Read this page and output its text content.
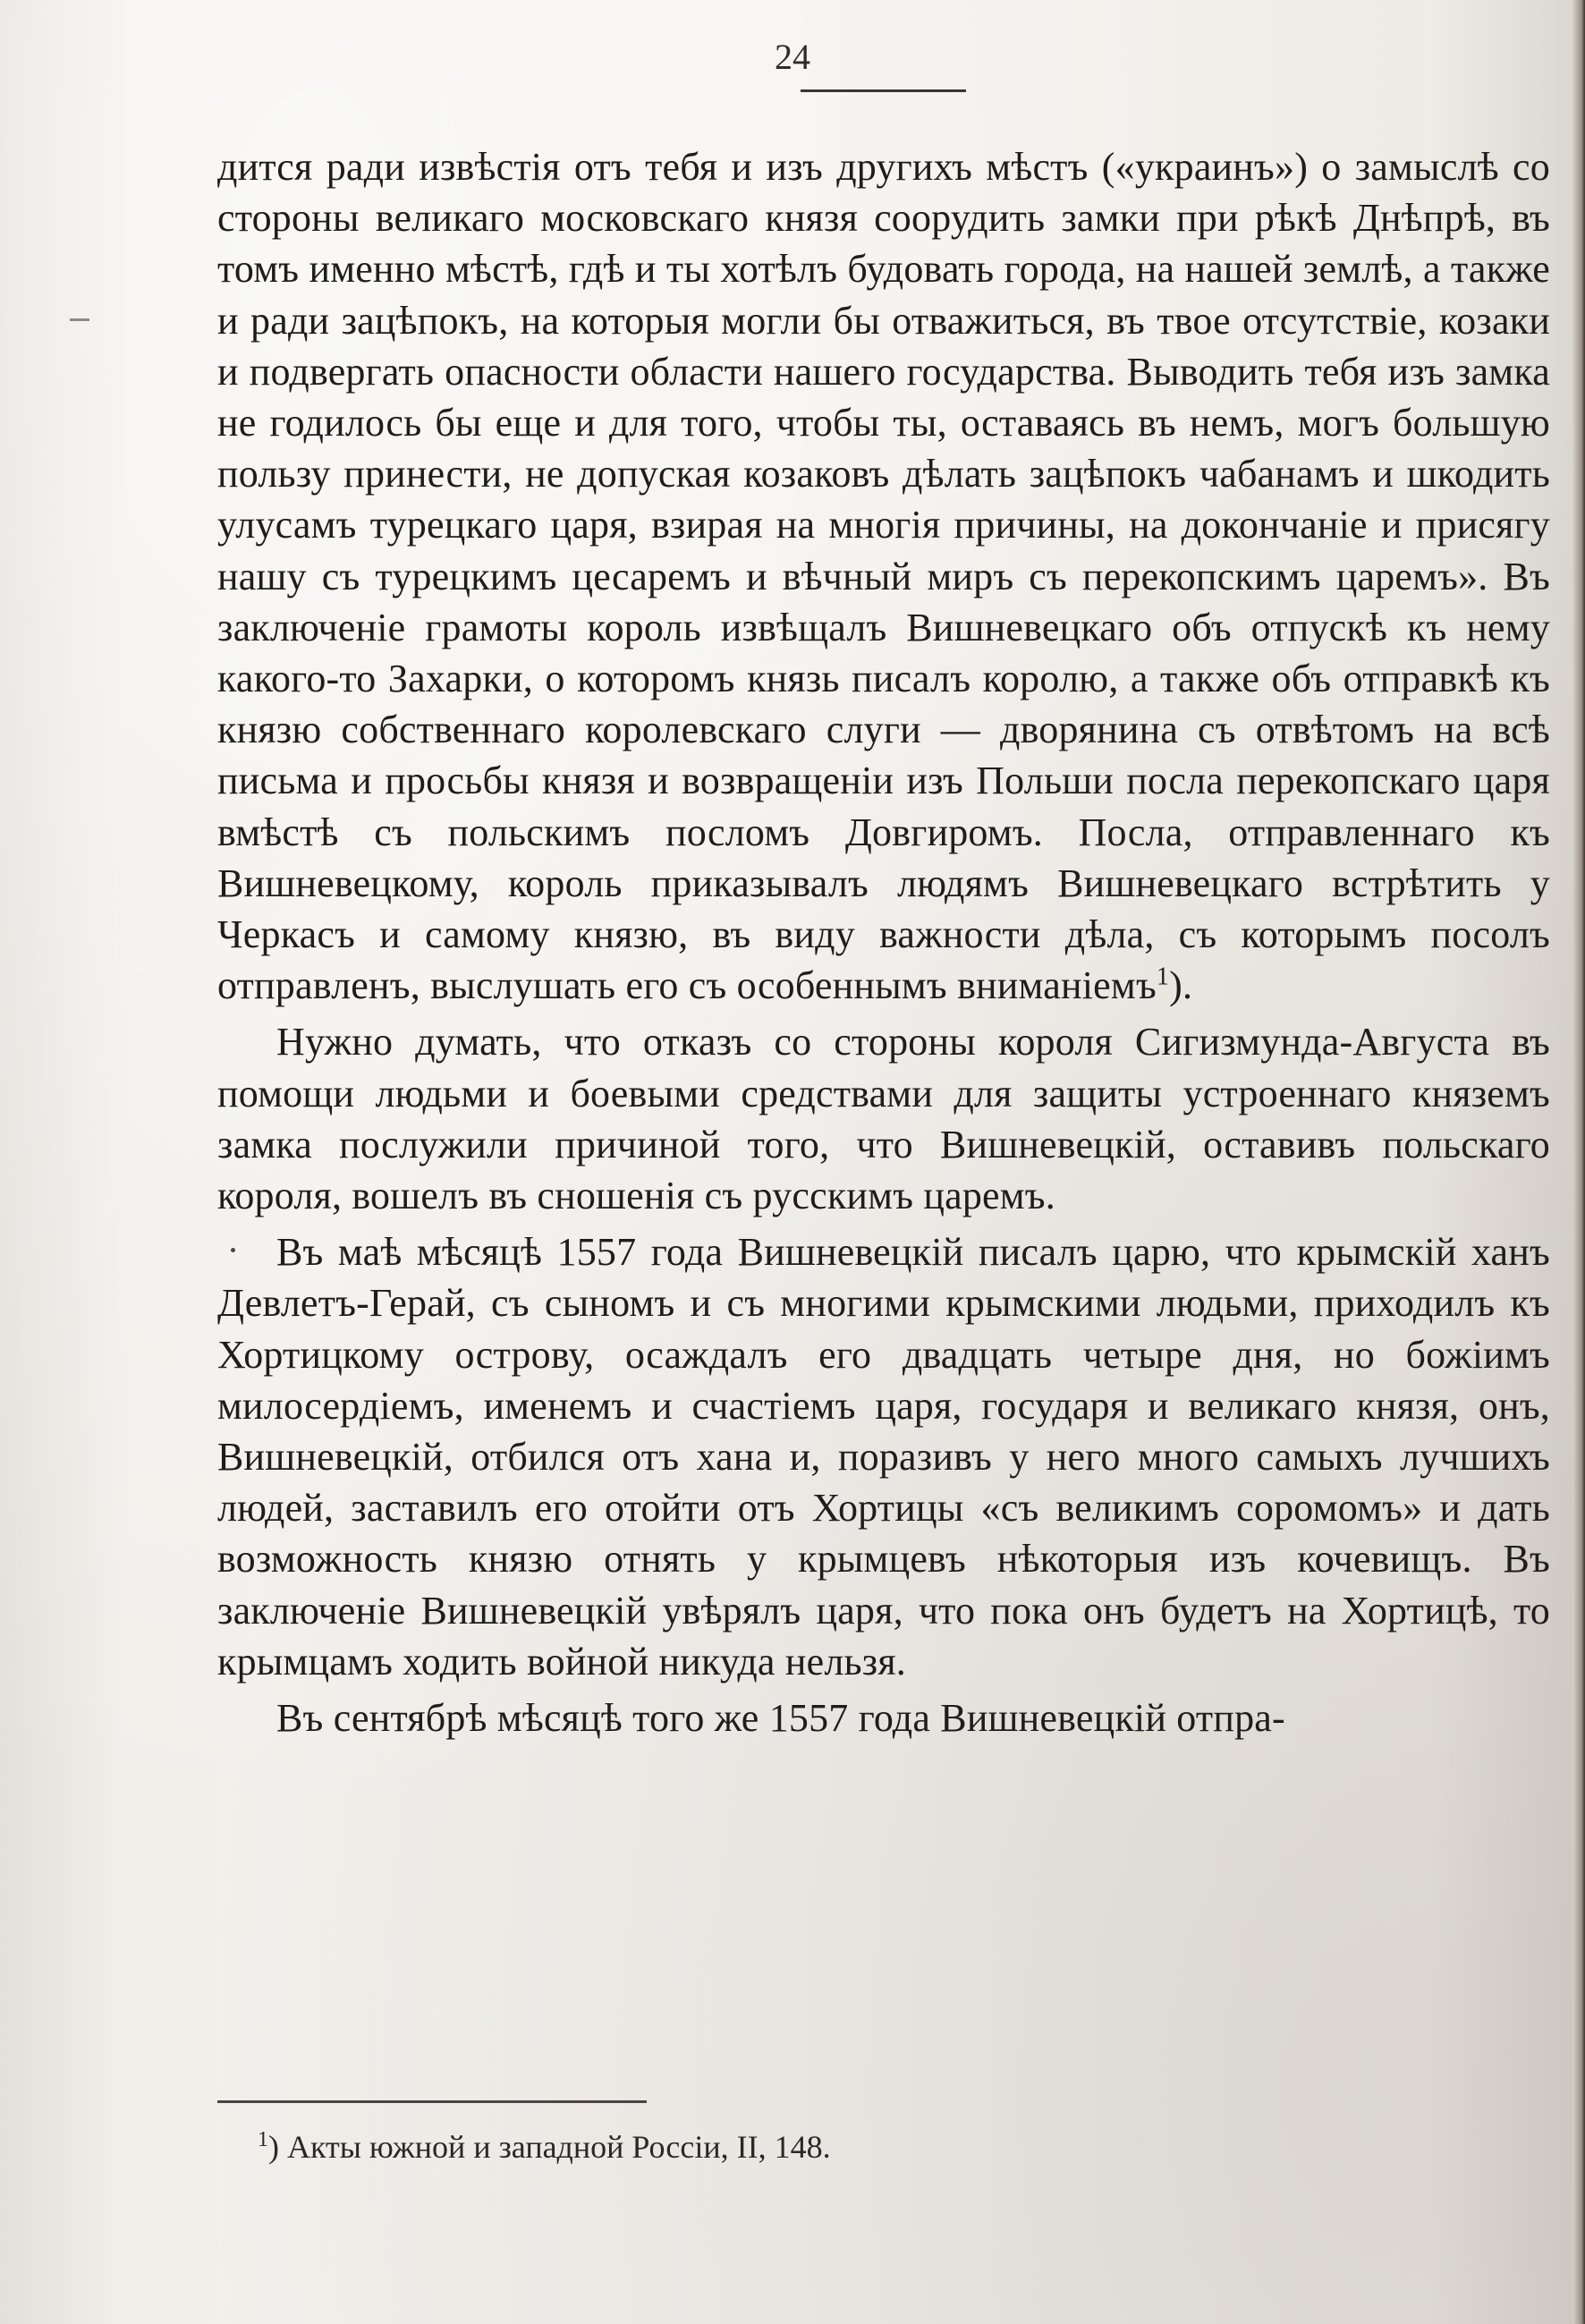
24

дится ради извѣстія отъ тебя и изъ другихъ мѣстъ («украинъ») о замыслѣ со стороны великаго московскаго князя соорудить замки при рѣкѣ Днѣпрѣ, въ томъ именно мѣстѣ, гдѣ и ты хотѣлъ будовать города, на нашей землѣ, а также и ради зацѣпокъ, на которыя могли бы отважиться, въ твое отсутствіе, козаки и подвергать опасности области нашего государства. Выводить тебя изъ замка не годилось бы еще и для того, чтобы ты, оставаясь въ немъ, могъ большую пользу принести, не допуская козаковъ дѣлать зацѣпокъ чабанамъ и шкодить улусамъ турецкаго царя, взирая на многія причины, на докончаніе и присягу нашу съ турецкимъ цесаремъ и вѣчный миръ съ перекопскимъ царемъ». Въ заключеніе грамоты король извѣщалъ Вишневецкаго объ отпускѣ къ нему какого-то Захарки, о которомъ князь писалъ королю, а также объ отправкѣ къ князю собственнаго королевскаго слуги — дворянина съ отвѣтомъ на всѣ письма и просьбы князя и возвращеніи изъ Польши посла перекопскаго царя вмѣстѣ съ польскимъ посломъ Довгиромъ. Посла, отправленнаго къ Вишневецкому, король приказывалъ людямъ Вишневецкаго встрѣтить у Черкасъ и самому князю, въ виду важности дѣла, съ которымъ посолъ отправленъ, выслушать его съ особеннымъ вниманіемъ$^1$).

Нужно думать, что отказъ со стороны короля Сигизмунда-Августа въ помощи людьми и боевыми средствами для защиты устроеннаго княземъ замка послужили причиной того, что Вишневецкій, оставивъ польскаго короля, вошелъ въ сношенія съ русскимъ царемъ.

Въ маѣ мѣсяцѣ 1557 года Вишневецкій писалъ царю, что крымскій ханъ Девлетъ-Герай, съ сыномъ и съ многими крымскими людьми, приходилъ къ Хортицкому острову, осаждалъ его двадцать четыре дня, но божіимъ милосердіемъ, именемъ и счастіемъ царя, государя и великаго князя, онъ, Вишневецкій, отбился отъ хана и, поразивъ у него много самыхъ лучшихъ людей, заставилъ его отойти отъ Хортицы «съ великимъ соромомъ» и дать возможность князю отнять у крымцевъ нѣкоторыя изъ кочевищъ. Въ заключеніе Вишневецкій увѣрялъ царя, что пока онъ будетъ на Хортицѣ, то крымцамъ ходить войной никуда нельзя.

Въ сентябрѣ мѣсяцѣ того же 1557 года Вишневецкій отпра-

$^1$) Акты южной и западной Россіи, II, 148.
